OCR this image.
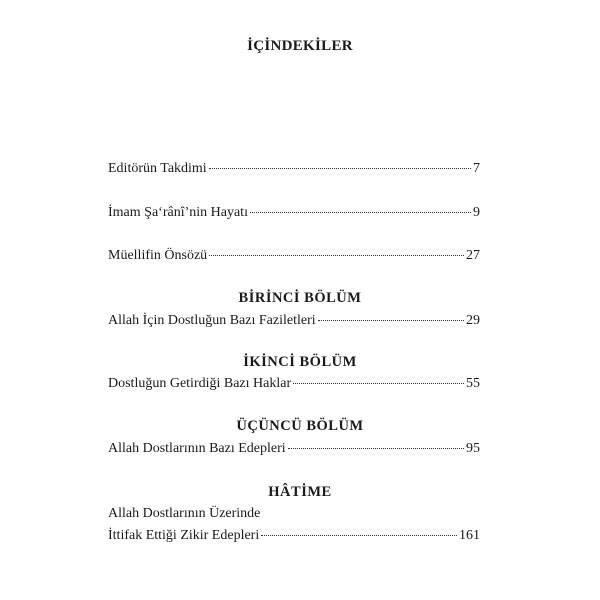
İÇİNDEKİLER
Editörün Takdimi	7
İmam Şa‘rânî’nin Hayatı	9
Müellifin Önsözü	27
BİRİNCİ BÖLÜM
Allah İçin Dostluğun Bazı Faziletleri	29
İKİNCİ BÖLÜM
Dostluğun Getirdiği Bazı Haklar	55
ÜÇÜNCÜ BÖLÜM
Allah Dostlarının Bazı Edepleri	95
HÂTİME
Allah Dostlarının Üzerinde
İttifak Ettiği Zikir Edepleri	161
